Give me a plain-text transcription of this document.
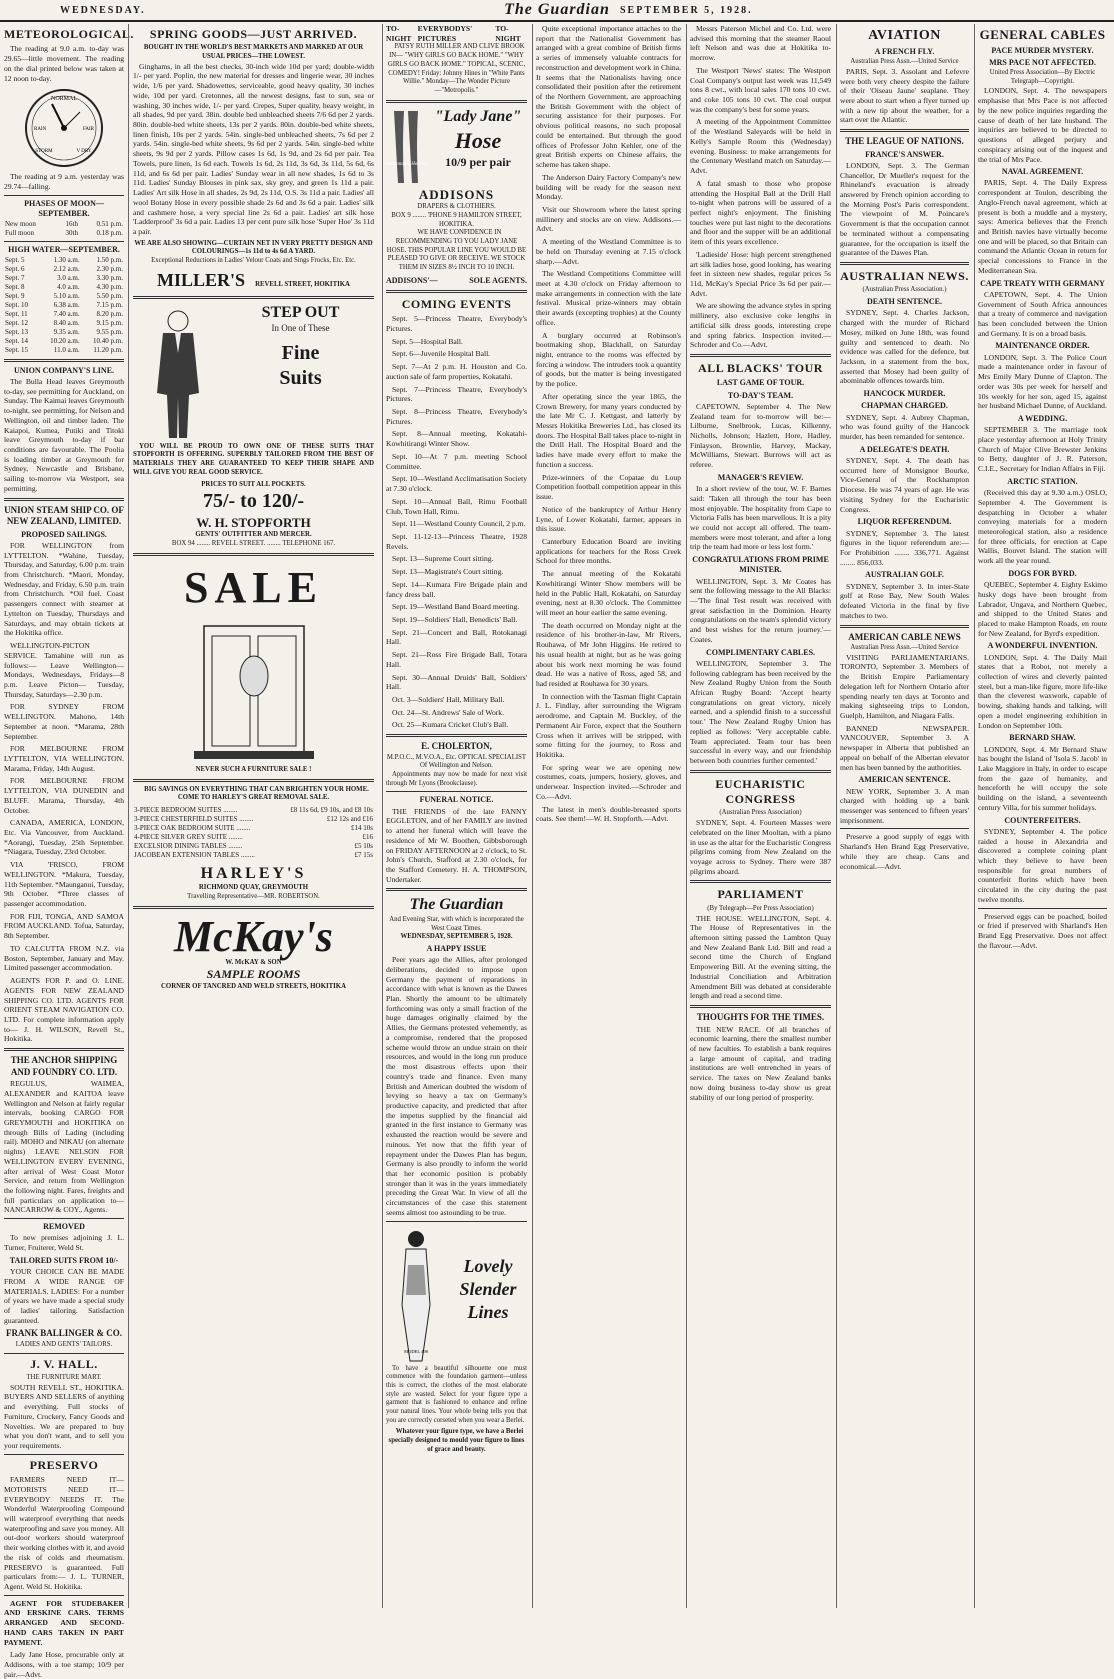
WEDNESDAY.	The Guardian SEPTEMBER 5, 1928.
METEOROLOGICAL.

The reading at 9.0 a.m. to-day was 29.65—little movement. The reading on the dial printed below was taken at 12 noon to-day.

NORMAL
RAIN	FAIR
STORM	V DRY

The reading at 9 a.m. yesterday was 29.74—falling.

PHASES OF MOON—SEPTEMBER.
New moon	16th	0.51 p.m.
Full moon	30th	0.18 p.m.
HIGH WATER—SEPTEMBER.
Sept. 5	1.30 a.m.	1.50 p.m.
Sept. 6	2.12 a.m.	2.30 p.m.
Sept. 7	3.0 a.m.	3.30 p.m.
Sept. 8	4.0 a.m.	4.30 p.m.
Sept. 9	5.10 a.m.	5.50 p.m.
Sept. 10	6.38 a.m.	7.15 p.m.
Sept. 11	7.40 a.m.	8.20 p.m.
Sept. 12	8.40 a.m.	9.15 p.m.
Sept. 13	9.35 a.m.	9.55 p.m.
Sept. 14	10.20 a.m.	10.40 p.m.
Sept. 15	11.0 a.m.	11.20 p.m.
UNION COMPANY'S LINE.

The Bulla Head leaves Greymouth to-day, see permitting for Auckland, on Sunday. The Kaimai leaves Greymouth to-night, see permitting, for Nelson and Wellington, oil and timber laden. The Kaiapoi, Kumea, Putiki and Titoki leave Greymouth to-day if bar conditions are favourable. The Poolia is loading timber at Greymouth for Sydney, Newcastle and Brisbane, sailing to-morrow via Westport, sea permitting.

UNION STEAM SHIP CO. OF NEW ZEALAND, LIMITED.
PROPOSED SAILINGS.

FOR WELLINGTON from LYTTELTON. *Wahine, Tuesday, Thursday, and Saturday, 6.00 p.m. train from Christchurch. *Maori, Monday, Wednesday, and Friday, 6.50 p.m. train from Christchurch. *Oil fuel. Coast passengers connect with steamer at Lyttelton on Tuesday, Thursdays and Saturdays, and may obtain tickets at the Hokitika office.

WELLINGTON-PICTON SERVICE. Tamahine will run as follows:— Leave Wellington— Mondays, Wednesdays, Fridays—8 p.m. Leave Picton— Tuesday, Thursday, Saturdays—2.30 p.m.

FOR SYDNEY FROM WELLINGTON. Mahono, 14th September at noon. *Marama, 28th September.

FOR MELBOURNE FROM LYTTELTON, VIA WELLINGTON. Marama, Friday, 14th August.

FOR MELBOURNE FROM LYTTELTON, VIA DUNEDIN and BLUFF. Marama, Thursday, 4th October.

CANADA, AMERICA, LONDON, Etc. Via Vancouver, from Auckland. *Aorangi, Tuesday, 25th September. *Niagara, Tuesday, 23rd October.

VIA 'FRISCO, FROM WELLINGTON. *Makura, Tuesday, 11th September. *Maunganui, Tuesday, 9th October. *Three classes of passenger accommodation.

FOR FIJI, TONGA, AND SAMOA FROM AUCKLAND. Tofua, Saturday, 8th September.

TO CALCUTTA FROM N.Z. via Boston, September, January and May. Limited passenger accommodation.

AGENTS FOR P. and O. LINE. AGENTS FOR NEW ZEALAND SHIPPING CO. LTD. AGENTS FOR ORIENT STEAM NAVIGATION CO. LTD. For complete information apply to— J. H. WILSON, Revell St., Hokitika.

THE ANCHOR SHIPPING AND FOUNDRY CO. LTD.

REGULUS, WAIMEA, ALEXANDER and KAITOA leave Wellington and Nelson at fairly regular intervals, booking CARGO FOR GREYMOUTH and HOKITIKA on through Bills of Lading (including rail). MOHO and NIKAU (on alternate nights) LEAVE NELSON FOR WELLINGTON EVERY EVENING, after arrival of West Coast Motor Service, and return from Wellington the following night. Fares, freights and full particulars on application to— NANCARROW & COY., Agents.

REMOVED

To new premises adjoining J. L. Turner, Fruiterer, Weld St.

TAILORED SUITS FROM 10/-

YOUR CHOICE CAN BE MADE FROM A WIDE RANGE OF MATERIALS. LADIES: For a number of years we have made a special study of ladies' tailoring. Satisfaction guaranteed.

FRANK BALLINGER & CO.
LADIES AND GENTS' TAILORS.
J. V. HALL.
THE FURNITURE MART.

SOUTH REVELL ST., HOKITIKA. BUYERS AND SELLERS of anything and everything. Full stocks of Furniture, Crockery, Fancy Goods and Novelties. We are prepared to buy what you don't want, and to sell you your requirements.

PRESERVO

FARMERS NEED IT—MOTORISTS NEED IT—EVERYBODY NEEDS IT. The Wonderful Waterproofing Compound will waterproof everything that needs waterproofing and save you money. All out-door workers should waterproof their working clothes with it, and avoid the risk of colds and rheumatism. PRESERVO is guaranteed. Full particulars from:— J. L. TURNER, Agent. Weld St. Hokitika.

AGENT FOR STUDEBAKER AND ERSKINE CARS. TERMS ARRANGED AND SECOND-HAND CARS TAKEN IN PART PAYMENT.

Lady Jane Hose, procurable only at Addisons, with a toe stamp; 10/9 per pair.—Advt.

SPRING GOODS—JUST ARRIVED.
BOUGHT IN THE WORLD'S BEST MARKETS AND MARKED AT OUR USUAL PRICES—THE LOWEST.

Ginghams, in all the best checks, 30-inch wide 10d per yard; double-width 1/- per yard. Poplin, the new material for dresses and lingerie wear, 30 inches wide, 1/6 per yard. Shadowettes, serviceable, good heavy quality, 30 inches wide, 10d per yard. Cretonnes, all the newest designs, fast to sun, sea or washing, 30 inches wide, 1/- per yard. Crepes, Super quality, heavy weight, in all shades, 9d per yard. 38in. double bed unbleached sheets 7/6 6d per 2 yards. 80in. double-bed white sheets, 13s per 2 yards. 80in. double-bed white sheets, linen finish, 10s per 2 yards. 54in. single-bed unbleached sheets, 7s 6d per 2 yards. 54in. single-bed white sheets, 9s 6d per 2 yards. 54in. single-bed white sheets, 9s 9d per 2 yards. Pillow cases 1s 6d, 1s 9d, and 2s 6d per pair. Tea Towels, pure linen, 1s 6d each. Towels 1s 6d, 2s 11d, 3s 6d, 3s 11d, 5s 6d, 6s 11d, and 6s 6d per pair. Ladies' Sunday wear in all new shades, 1s 6d to 3s 11d. Ladies' Sunday Blouses in pink sax, sky grey, and green 1s 11d a pair. Ladies' Art silk Hose in all shades, 2s 9d, 2s 11d, O.S. 3s 11d a pair. Ladies' all wool Botany Hose in every possible shade 2s 6d and 3s 6d a pair. Ladies' silk and cashmere hose, a very special line 2s 6d a pair. Ladies' art silk hose 'Ladderproof' 3s 6d a pair. Ladies 13 per cent pure silk hose 'Super Hoe' 3s 11d a pair.

WE ARE ALSO SHOWING—CURTAIN NET IN VERY PRETTY DESIGN AND COLOURINGS—1s 11d to 4s 6d A YARD.
Exceptional Reductions in Ladies' Velour Coats and Sings Frocks, Etc. Etc.
MILLER'S REVELL STREET, HOKITIKA
STEP OUT
In One of These
Fine
Suits

YOU WILL BE PROUD TO OWN ONE OF THESE SUITS THAT STOPFORTH IS OFFERING. SUPERBLY TAILORED FROM THE BEST OF MATERIALS THEY ARE GUARANTEED TO KEEP THEIR SHAPE AND WILL GIVE YOU REAL GOOD SERVICE.

PRICES TO SUIT ALL POCKETS.
75/- to 120/-
W. H. STOPFORTH
GENTS' OUTFITTER AND MERCER.
BOX 94 ........ REVELL STREET. ........ TELEPHONE 167.
SALE
NEVER SUCH A FURNITURE SALE !

BIG SAVINGS ON EVERYTHING THAT CAN BRIGHTEN YOUR HOME. COME TO HARLEY'S GREAT REMOVAL SALE.

3-PIECE BEDROOM SUITES ........	£8 11s 6d, £9 10s, and £8 10s
3-PIECE CHESTERFIELD SUITES ........	£12 12s and £16
3-PIECE OAK BEDROOM SUITE ........	£14 10s
4-PIECE SILVER GREY SUITE ........	£16
EXCELSIOR DINING TABLES ........	£5 10s
JACOBEAN EXTENSION TABLES ........	£7 15s
HARLEY'S
RICHMOND QUAY, GREYMOUTH
Travelling Representative—MR. ROBERTSON.
McKay's
W. McKAY & SON
SAMPLE ROOMS
CORNER OF TANCRED AND WELD STREETS, HOKITIKA
TO-NIGHT
EVERYBODYS' PICTURES
TO-NIGHT

PATSY RUTH MILLER AND CLIVE BROOK IN— "WHY GIRLS GO BACK HOME." "WHY GIRLS GO BACK HOME." TOPICAL, SCENIC, COMEDY! Friday: Johnny Hines in "White Pants Willie." Monday—The Wonder Picture—"Metropolis."

Fashionable Hosiery
"Lady Jane"
Hose
10/9 per pair
ADDISONS
DRAPERS & CLOTHIERS.
BOX 9 ........ 'PHONE 9 HAMILTON STREET, HOKITIKA.

WE HAVE CONFIDENCE IN RECOMMENDING TO YOU LADY JANE HOSE. THIS POPULAR LINE YOU WOULD BE PLEASED TO GIVE OR RECEIVE. WE STOCK THEM IN SIZES 8½ INCH TO 10 INCH.

ADDISONS'—	SOLE AGENTS.
COMING EVENTS

Sept. 5—Princess Theatre, Everybody's Pictures.

Sept. 5—Hospital Ball.

Sept. 6—Juvenile Hospital Ball.

Sept. 7—At 2 p.m. H. Houston and Co. auction sale of farm properties, Kokatahi.

Sept. 7—Princess Theatre, Everybody's Pictures.

Sept. 8—Princess Theatre, Everybody's Pictures.

Sept. 8—Annual meeting, Kokatahi-Kowhitirangi Winter Show.

Sept. 10—At 7 p.m. meeting School Committee.

Sept. 10—Westland Acclimatisation Society at 7.30 o'clock.

Sept. 10—Annual Ball, Rimu Football Club, Town Hall, Rimu.

Sept. 11—Westland County Council, 2 p.m.

Sept. 11-12-13—Princess Theatre, 1928 Revels.

Sept. 13—Supreme Court sitting.

Sept. 13—Magistrate's Court sitting.

Sept. 14—Kumara Fire Brigade plain and fancy dress ball.

Sept. 19—Westland Band Board meeting.

Sept. 19—Soldiers' Hall, Benedicts' Ball.

Sept. 21—Concert and Ball, Rotokanagi Hall.

Sept. 21—Ross Fire Brigade Ball, Totara Hall.

Sept. 30—Annual Druids' Ball, Soldiers' Hall.

Oct. 3—Soldiers' Hall, Military Ball.

Oct. 24—St. Andrews' Sale of Work.

Oct. 25—Kumara Cricket Club's Ball.

E. CHOLERTON,
M.P.O.C., M.V.O.A., Etc. OPTICAL SPECIALIST Of Wellington and Nelson.

Appointments may now be made for next visit through Mr Lyons (Brookclause).

FUNERAL NOTICE.

THE FRIENDS of the late FANNY EGGLETON, and of her FAMILY are invited to attend her funeral which will leave the residence of Mr W. Boothen, Gibbsborough on FRIDAY AFTERNOON at 2 o'clock, to St. John's Church, Stafford at 2.30 o'clock, for the Stafford Cemetery. H. A. THOMPSON, Undertaker.

The Guardian
And Evening Star, with which is incorporated the West Coast Times.
WEDNESDAY, SEPTEMBER 5, 1928.
A HAPPY ISSUE

Peer years ago the Allies, after prolonged deliberations, decided to impose upon Germany the payment of reparations in accordance with what is known as the Dawes Plan. Shortly the amount to be ultimately forthcoming was only a small fraction of the huge damages originally claimed by the Allies, the Germans protested vehemently, as a compromise, rendered that the proposed scheme would throw an undue strain on their resources, and would in the long run produce the most disastrous effects upon their country's trade and finance. Even many British and American doubted the wisdom of levying so heavy a tax on Germany's productive capacity, and predicted that after the impetus supplied by the financial aid granted in the first instance to Germany was exhausted the reaction would be severe and ruinous. Yet now that the fifth year of repayment under the Dawes Plan has begun, Germany is also proudly to inform the world that her economic position is probably stronger than it was in the years immediately preceding the Great War. In view of all the circumstances of the case this statement seems almost too astounding to be true.

MODEL 498
Lovely
Slender
Lines

To have a beautiful silhouette one must commence with the foundation garment—unless this is correct, the clothes of the most elaborate style are wasted. Select for your figure type a garment that is fashioned to enhance and refine your natural lines. Your whole being tells you that you are correctly corseted when you wear a Berlei.

Whatever your figure type, we have a Berlei specially designed to mould your figure to lines of grace and beauty.

Quite exceptional importance attaches to the report that the Nationalist Government has arranged with a great combine of British firms a series of immensely valuable contracts for reconstruction and development work in China. It seems that the Nationalists having once consolidated their position after the retirement of the Northern Government, are approaching the British Government with the object of securing assistance for their purposes. For obvious political reasons, no such proposal could be entertained. But through the good offices of Professor John Kehler, one of the great British experts on Chinese affairs, the scheme has taken shape.

The Anderson Dairy Factory Company's new building will be ready for the season next Monday.

Visit our Showroom where the latest spring millinery and stocks are on view. Addisons.—Advt.

A meeting of the Westland Committee is to be held on Thursday evening at 7.15 o'clock sharp.—Advt.

The Westland Competitions Committee will meet at 4.30 o'clock on Friday afternoon to make arrangements in connection with the late festival. Musical prize-winners may obtain their awards (excepting trophies) at the County office.

A burglary occurred at Robinson's bootmaking shop, Blackhall, on Saturday night, entrance to the rooms was effected by forcing a window. The intruders took a quantity of goods, but the matter is being investigated by the police.

After operating since the year 1865, the Crown Brewery, for many years conducted by the late Mr C. J. Kettgast, and latterly by Messrs Hokitika Breweries Ltd., has closed its doors. The Hospital Ball takes place to-night in the Drill Hall. The Hospital Board and the ladies have made every effort to make the function a success.

Prize-winners of the Copatae du Loup Competition football competition appear in this issue.

Notice of the bankruptcy of Arthur Henry Lyne, of Lower Kokatahi, farmer, appears in this issue.

Canterbury Education Board are inviting applications for teachers for the Ross Creek School for three months.

The annual meeting of the Kokatahi Kowhitirangi Winter Show members will be held in the Public Hall, Kokatahi, on Saturday evening, next at 8.30 o'clock. The Committee will meet an hour earlier the same evening.

The death occurred on Monday night at the residence of his brother-in-law, Mr Rivers, Rouhawa, of Mr John Higgins. He retired to his usual health at night, but as he was going about his work next morning he was found dead. He was a native of Ross, aged 58, and had resided at Rouhawa for 30 years.

In connection with the Tasman flight Captain J. L. Findlay, after surrounding the Wigram aerodrome, and Captain M. Buckley, of the Permanent Air Force, expect that the Southern Cross when it arrives will be stripped, with some fitting for the journey, to Ross and Hokitika.

For spring wear we are opening new costumes, coats, jumpers, hosiery, gloves, and underwear. Inspection invited.—Schroder and Co.—Advt.

The latest in men's double-breasted sports coats. See them!—W. H. Stopforth.—Advt.

Messrs Paterson Michel and Co. Ltd. were advised this morning that the steamer Raoul left Nelson and was due at Hokitika to-morrow.

The Westport 'News' states: The Westport Coal Company's output last week was 11,549 tons 8 cwt., with local sales 170 tons 10 cwt. and coke 105 tons 10 cwt. The coal output was the company's best for some years.

A meeting of the Appointment Committee of the Westland Saleyards will be held in Kelly's Sample Room this (Wednesday) evening. Business: to make arrangements for the Centenary Westland match on Saturday.—Advt.

A fatal smash to those who propose attending the Hospital Ball at the Drill Hall to-night when patrons will be assured of a perfect night's enjoyment. The finishing touches were put last night to the decorations and floor and the supper will be an additional item of this years excellence.

'Ladieside' Hose: high percent strengthened art silk ladies hose, good looking, has wearing feet in sixteen new shades, regular prices 5s 11d, McKay's Special Price 3s 6d per pair.—Advt.

We are showing the advance styles in spring millinery, also exclusive coke lengths in artificial silk dress goods, interesting crepe and spring fabrics. Inspection invited.—Schroder and Co.—Advt.

ALL BLACKS' TOUR
LAST GAME OF TOUR.
TO-DAY'S TEAM.

CAPETOWN, September 4. The New Zealand team for to-morrow will be:—Lilburne, Snelbrook, Lucas, Kilkenny, Nicholls, Johnson; Hazlett, Hore, Hadley, Finlayson, Brownlie, Harvey, Mackay, McWilliams, Stewart. Burrows will act as referee.

MANAGER'S REVIEW.

In a short review of the tour, W. F. Barnes said: 'Taken all through the tour has been most enjoyable. The hospitality from Cape to Victoria Falls has been marvellous. It is a pity we could not accept all offered. The team-members were most tolerant, and after a long trip the team had more or less lost form.'

CONGRATULATIONS FROM PRIME MINISTER.

WELLINGTON, Sept. 3. Mr Coates has sent the following message to the All Blacks:—'The final Test result was received with great satisfaction in the Dominion. Hearty congratulations on the team's splendid victory and best wishes for the return journey.'—Coates.

COMPLIMENTARY CABLES.

WELLINGTON, September 3. The following cablegram has been received by the New Zealand Rugby Union from the South African Rugby Board: 'Accept hearty congratulations on great victory, nicely earned, and a splendid finish to a successful tour.' The New Zealand Rugby Union has replied as follows: 'Very acceptable cable. Team appreciated. Team tour has been successful in every way, and our friendship between both countries further cemented.'

EUCHARISTIC CONGRESS
(Australian Press Association)

SYDNEY, Sept. 4. Fourteen Masses were celebrated on the liner Mooltan, with a piano in use as the altar for the Eucharistic Congress pilgrims coming from New Zealand on the voyage across to Sydney. There were 387 pilgrims aboard.

PARLIAMENT
(By Telegraph—Per Press Association)

THE HOUSE. WELLINGTON, Sept. 4. The House of Representatives in the afternoon sitting passed the Lambton Quay and New Zealand Bank Ltd. Bill and read a second time the Church of England Empowering Bill. At the evening sitting, the Industrial Conciliation and Arbitration Amendment Bill was debated at considerable length and read a second time.

THOUGHTS FOR THE TIMES.

THE NEW RACE. Of all branches of economic learning, there the smallest number of new faculties. To establish a bank requires a large amount of capital, and trading institutions are well entrenched in years of service. The taxes on New Zealand banks now doing business to-day show us great stability of our long period of prosperity.

AVIATION
A FRENCH FLY.
Australian Press Assn.—United Service

PARIS, Sept. 3. Assolant and Lefevre were both very cheery despite the failure of their 'Oiseau Jaune' seaplane. They were about to start when a flyer turned up with a new tip about the weather, for a start over the Atlantic.

THE LEAGUE OF NATIONS.
FRANCE'S ANSWER.

LONDON, Sept. 3. The German Chancellor, Dr Mueller's request for the Rhineland's evacuation is already answered by French opinion according to the Morning Post's Paris correspondent. The viewpoint of M. Poincare's Government is that the occupation cannot be terminated without a compensating guarantee, for the occupation is itself the guarantee of the Dawes Plan.

AUSTRALIAN NEWS.
(Australian Press Association.)
DEATH SENTENCE.

SYDNEY, Sept. 4. Charles Jackson, charged with the murder of Richard Mosey, milked on June 18th, was found guilty and sentenced to death. No evidence was called for the defence, but Jackson, in a statement from the box, asserted that Mosey had been guilty of abominable offences towards him.

HANCOCK MURDER.
CHAPMAN CHARGED.

SYDNEY, Sept. 4. Aubrey Chapman, who was found guilty of the Hancock murder, has been remanded for sentence.

A DELEGATE'S DEATH.

SYDNEY, Sept. 4. The death has occurred here of Monsignor Bourke, Vice-General of the Rockhampton Diocese. He was 74 years of age. He was visiting Sydney for the Eucharistic Congress.

LIQUOR REFERENDUM.

SYDNEY, September 3. The latest figures in the liquor referendum are:— For Prohibition ........ 336,771. Against ........ 856,033.

AUSTRALIAN GOLF.

SYDNEY, September 3. In inter-State golf at Rose Bay, New South Wales defeated Victoria in the final by five matches to two.

AMERICAN CABLE NEWS
Australian Press Assn.—United Service

VISITING PARLIAMENTARIANS. TORONTO, September 3. Members of the British Empire Parliamentary delegation left for Northern Ontario after spending nearly ten days at Toronto and making sightseeing trips to London, Guelph, Hamilton, and Niagara Falls.

BANNED NEWSPAPER. VANCOUVER, September 3. A newspaper in Alberta that published an appeal on behalf of the Albertan elevator men has been banned by the authorities.

AMERICAN SENTENCE.

NEW YORK, September 3. A man charged with holding up a bank messenger was sentenced to fifteen years' imprisonment.

Preserve a good supply of eggs with Sharland's Hen Brand Egg Preservative, while they are cheap. Cans and economical.—Advt.

GENERAL CABLES
PACE MURDER MYSTERY.
MRS PACE NOT AFFECTED.
United Press Association—By Electric Telegraph—Copyright.

LONDON, Sept. 4. The newspapers emphasise that Mrs Pace is not affected by the new police inquiries regarding the cause of death of her late husband. The inquiries are believed to be directed to questions of alleged perjury and conspiracy arising out of the inquest and the trial of Mrs Pace.

NAVAL AGREEMENT.

PARIS, Sept. 4. The Daily Express correspondent at Toulon, describing the Anglo-French naval agreement, which at present is both a muddle and a mystery, says: America believes that the French and British navies have virtually become one and will be placed, so that Britain can command the Atlantic Ocean in return for special concessions to France in the Mediterranean Sea.

CAPE TREATY WITH GERMANY

CAPETOWN, Sept. 4. The Union Government of South Africa announces that a treaty of commerce and navigation has been concluded between the Union and Germany. It is on a broad basis.

MAINTENANCE ORDER.

LONDON, Sept. 3. The Police Court made a maintenance order in favour of Mrs Emily Mary Dunne of Clapton. The order was 30s per week for herself and 10s weekly for her son, aged 15, against her husband Michael Dunne, of Auckland.

A WEDDING.

SEPTEMBER 3. The marriage took place yesterday afternoon at Holy Trinity Church of Major Clive Brewster Jenkins to Betty, daughter of J. R. Paterson, C.I.E., Secretary for Indian Affairs in Fiji.

ARCTIC STATION.

(Received this day at 9.30 a.m.) OSLO, September 4. The Government is despatching in October a whaler conveying materials for a modern meteorological station, also a residence for three officials, for erection at Cape Wallis, Bouvet Island. The station will work all the year round.

DOGS FOR BYRD.

QUEBEC, September 4. Eighty Eskimo husky dogs have been brought from Labrador, Ungava, and Northern Quebec, and shipped to the United States and placed to make Hampton Roads, en route for New Zealand, for Byrd's expedition.

A WONDERFUL INVENTION.

LONDON, Sept. 4. The Daily Mail states that a Robot, not merely a collection of wires and cleverly painted steel, but a man-like figure, more life-like than the cleverest waxwork, capable of bowing, shaking hands and talking, will open a model engineering exhibition in London on September 10th.

BERNARD SHAW.

LONDON, Sept. 4. Mr Bernard Shaw has bought the Island of 'Isola S. Jacob' in Lake Maggiore in Italy, in order to escape from the gaze of humanity, and henceforth he will occupy the sole building on the island, a seventeenth century Villa, for his summer holidays.

COUNTERFEITERS.

SYDNEY, September 4. The police raided a house in Alexandria and discovered a complete coining plant which they believe to have been responsible for great numbers of counterfeit florins which have been circulated in the city during the past twelve months.

Preserved eggs can be poached, boiled or fried if preserved with Sharland's Hen Brand Egg Preservative. Does not affect the flavour.—Advt.
